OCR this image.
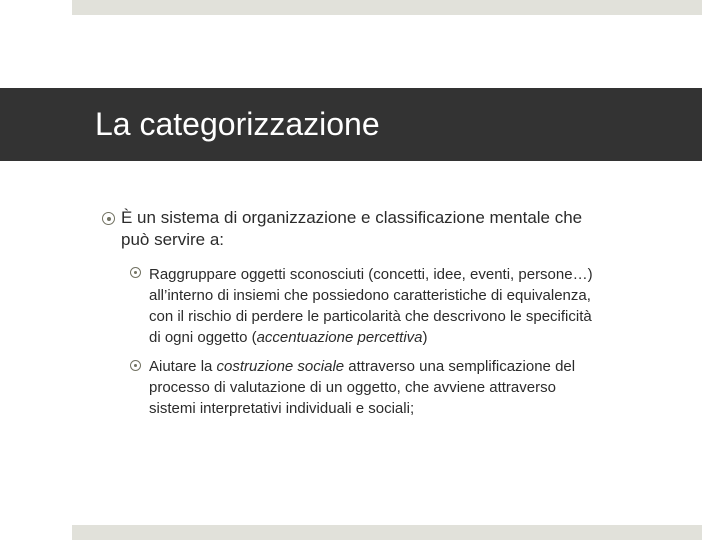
La categorizzazione

È un sistema di organizzazione e classificazione mentale che
può servire a:

Raggruppare oggetti sconosciuti (concetti, idee, eventi, persone…)
all’interno di insiemi che possiedono caratteristiche di equivalenza,
con il rischio di perdere le particolarità che descrivono le specificità
di ogni oggetto (accentuazione percettiva)

Aiutare la costruzione sociale attraverso una semplificazione del
processo di valutazione di un oggetto, che avviene attraverso
sistemi interpretativi individuali e sociali;
